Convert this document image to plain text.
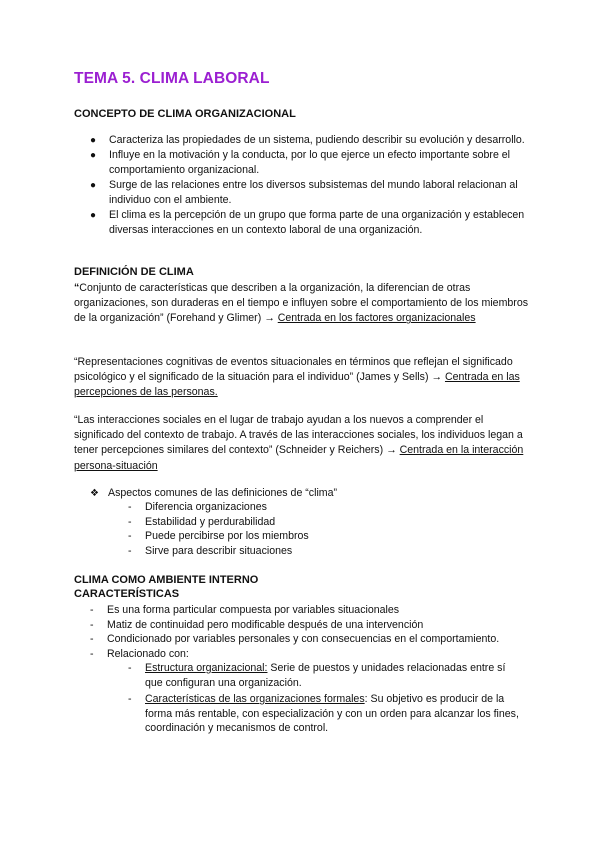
TEMA 5. CLIMA LABORAL
CONCEPTO DE CLIMA ORGANIZACIONAL
● Caracteriza las propiedades de un sistema, pudiendo describir su evolución y desarrollo.
● Influye en la motivación y la conducta, por lo que ejerce un efecto importante sobre el comportamiento organizacional.
● Surge de las relaciones entre los diversos subsistemas del mundo laboral relacionan al individuo con el ambiente.
● El clima es la percepción de un grupo que forma parte de una organización y establecen diversas interacciones en un contexto laboral de una organización.
DEFINICIÓN DE CLIMA
“Conjunto de características que describen a la organización, la diferencian de otras organizaciones, son duraderas en el tiempo e influyen sobre el comportamiento de los miembros de la organización” (Forehand y Glimer) → Centrada en los factores organizacionales
“Representaciones cognitivas de eventos situacionales en términos que reflejan el significado psicológico y el significado de la situación para el individuo” (James y Sells) → Centrada en las percepciones de las personas.
“Las interacciones sociales en el lugar de trabajo ayudan a los nuevos a comprender el significado del contexto de trabajo. A través de las interacciones sociales, los individuos legan a tener percepciones similares del contexto” (Schneider y Reichers) → Centrada en la interacción persona-situación
❖ Aspectos comunes de las definiciones de “clima”
- Diferencia organizaciones
- Estabilidad y perdurabilidad
- Puede percibirse por los miembros
- Sirve para describir situaciones
CLIMA COMO AMBIENTE INTERNO
CARACTERÍSTICAS
- Es una forma particular compuesta por variables situacionales
- Matiz de continuidad pero modificable después de una intervención
- Condicionado por variables personales y con consecuencias en el comportamiento.
- Relacionado con:
- Estructura organizacional: Serie de puestos y unidades relacionadas entre sí que configuran una organización.
- Características de las organizaciones formales: Su objetivo es producir de la forma más rentable, con especialización y con un orden para alcanzar los fines, coordinación y mecanismos de control.
